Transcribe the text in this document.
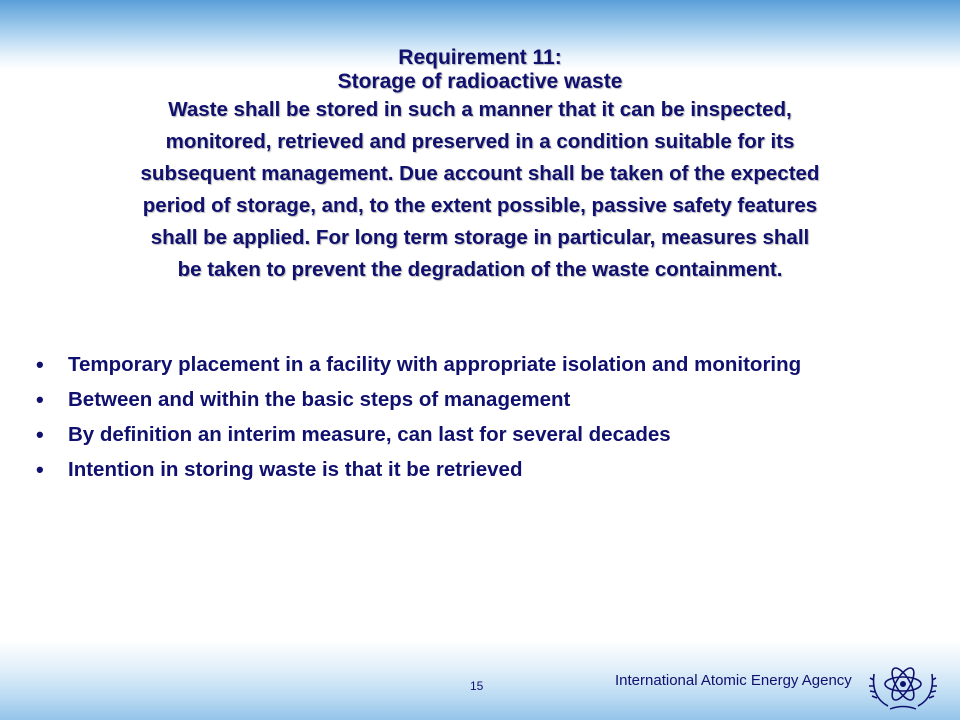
Requirement 11:
Storage of radioactive waste
Waste shall be stored in such a manner that it can be inspected,
monitored, retrieved and preserved in a condition suitable for its
subsequent management. Due account shall be taken of the expected
period of storage, and, to the extent possible, passive safety features
shall be applied. For long term storage in particular, measures shall
be taken to prevent the degradation of the waste containment.
• Temporary placement in a facility with appropriate isolation and monitoring
• Between and within the basic steps of management
• By definition an interim measure, can last for several decades
• Intention in storing waste is that it be retrieved
15	International Atomic Energy Agency
